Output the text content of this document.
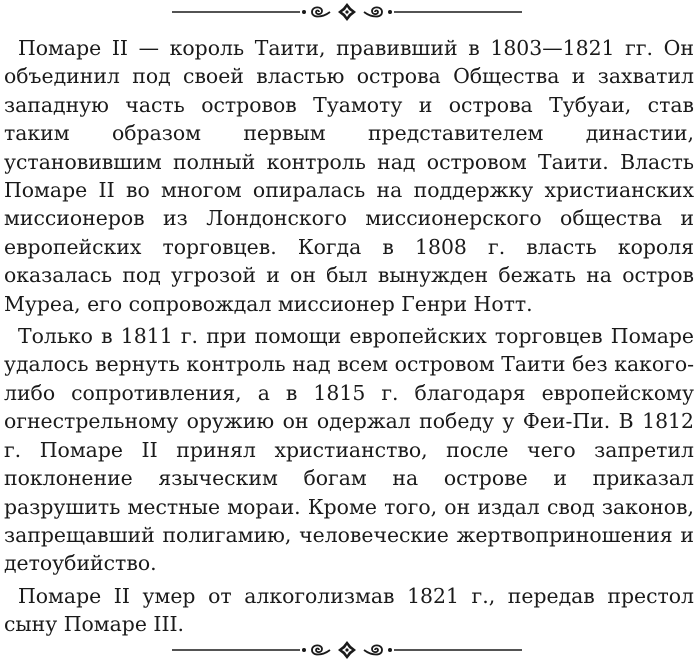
Помаре II — король Таити, правивший в 1803—1821 гг. Он объединил под своей властью острова Общества и захватил западную часть островов Туамоту и острова Тубуаи, став таким образом первым представителем династии, установившим полный контроль над островом Таити. Власть Помаре II во многом опиралась на поддержку христианских миссионеров из Лондонского миссионерского общества и европейских торговцев. Когда в 1808 г. власть короля оказалась под угрозой и он был вынужден бежать на остров Муреа, его сопровождал миссионер Генри Нотт.

Только в 1811 г. при помощи европейских торговцев Помаре удалось вернуть контроль над всем островом Таити без какого-либо сопротивления, а в 1815 г. благодаря европейскому огнестрельному оружию он одержал победу у Феи-Пи. В 1812 г. Помаре II принял христианство, после чего запретил поклонение языческим богам на острове и приказал разрушить местные мораи. Кроме того, он издал свод законов, запрещавший полигамию, человеческие жертвоприношения и детоубийство.

Помаре II умер от алкоголизмав 1821 г., передав престол сыну Помаре III.
